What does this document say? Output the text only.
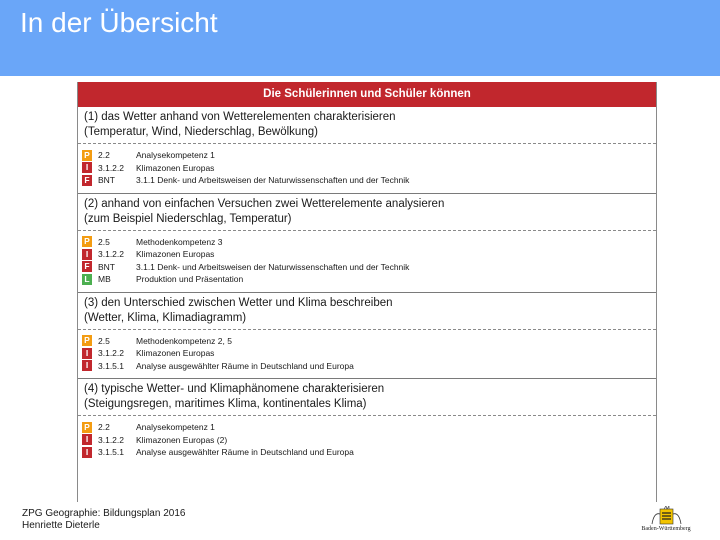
In der Übersicht
Die Schülerinnen und Schüler können
(1) das Wetter anhand von Wetterelementen charakterisieren
(Temperatur, Wind, Niederschlag, Bewölkung)
P 2.2	Analysekompetenz 1
I	3.1.2.2	Klimazonen Europas
F BNT	3.1.1 Denk- und Arbeitsweisen der Naturwissenschaften und der Technik
(2) anhand von einfachen Versuchen zwei Wetterelemente analysieren
(zum Beispiel Niederschlag, Temperatur)
P 2.5	Methodenkompetenz 3
I	3.1.2.2	Klimazonen Europas
F BNT	3.1.1 Denk- und Arbeitsweisen der Naturwissenschaften und der Technik
L MB	Produktion und Präsentation
(3) den Unterschied zwischen Wetter und Klima beschreiben
(Wetter, Klima, Klimadiagramm)
P 2.5	Methodenkompetenz 2, 5
I	3.1.2.2	Klimazonen Europas
I	3.1.5.1	Analyse ausgewählter Räume in Deutschland und Europa
(4) typische Wetter- und Klimaphänomene charakterisieren
(Steigungsregen, maritimes Klima, kontinentales Klima)
P 2.2	Analysekompetenz 1
I	3.1.2.2	Klimazonen Europas (2)
I	3.1.5.1	Analyse ausgewählter Räume in Deutschland und Europa
ZPG Geographie: Bildungsplan 2016
Henriette Dieterle	Baden-Württemberg
